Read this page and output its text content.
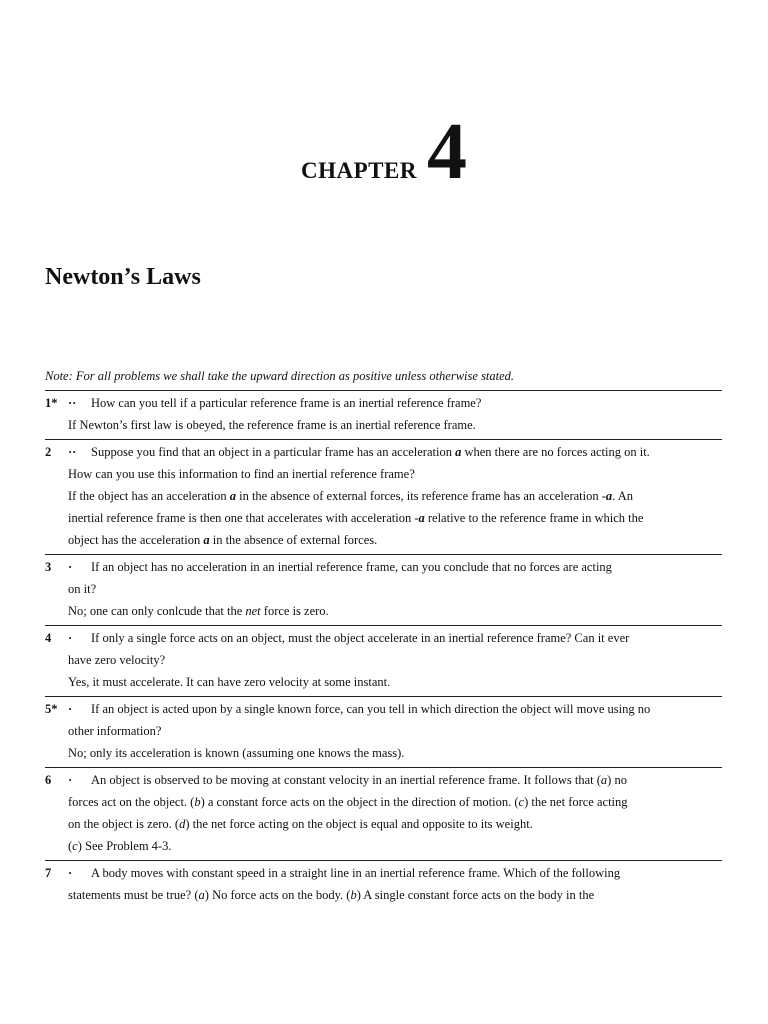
CHAPTER 4
Newton’s Laws
Note: For all problems we shall take the upward direction as positive unless otherwise stated.
1* ··	How can you tell if a particular reference frame is an inertial reference frame?
If Newton’s first law is obeyed, the reference frame is an inertial reference frame.
2	··	Suppose you find that an object in a particular frame has an acceleration a when there are no forces acting on it.
How can you use this information to find an inertial reference frame?
If the object has an acceleration a in the absence of external forces, its reference frame has an acceleration -a. An
inertial reference frame is then one that accelerates with acceleration -a relative to the reference frame in which the
object has the acceleration a in the absence of external forces.
3	·	If an object has no acceleration in an inertial reference frame, can you conclude that no forces are acting
on it?
No; one can only conlcude that the net force is zero.
4	·	If only a single force acts on an object, must the object accelerate in an inertial reference frame? Can it ever
have zero velocity?
Yes, it must accelerate. It can have zero velocity at some instant.
5* ·	If an object is acted upon by a single known force, can you tell in which direction the object will move using no
other information?
No; only its acceleration is known (assuming one knows the mass).
6	·	An object is observed to be moving at constant velocity in an inertial reference frame. It follows that (a) no
forces act on the object. (b) a constant force acts on the object in the direction of motion. (c) the net force acting
on the object is zero. (d) the net force acting on the object is equal and opposite to its weight.
(c) See Problem 4-3.
7	·	A body moves with constant speed in a straight line in an inertial reference frame. Which of the following
statements must be true? (a) No force acts on the body. (b) A single constant force acts on the body in the
